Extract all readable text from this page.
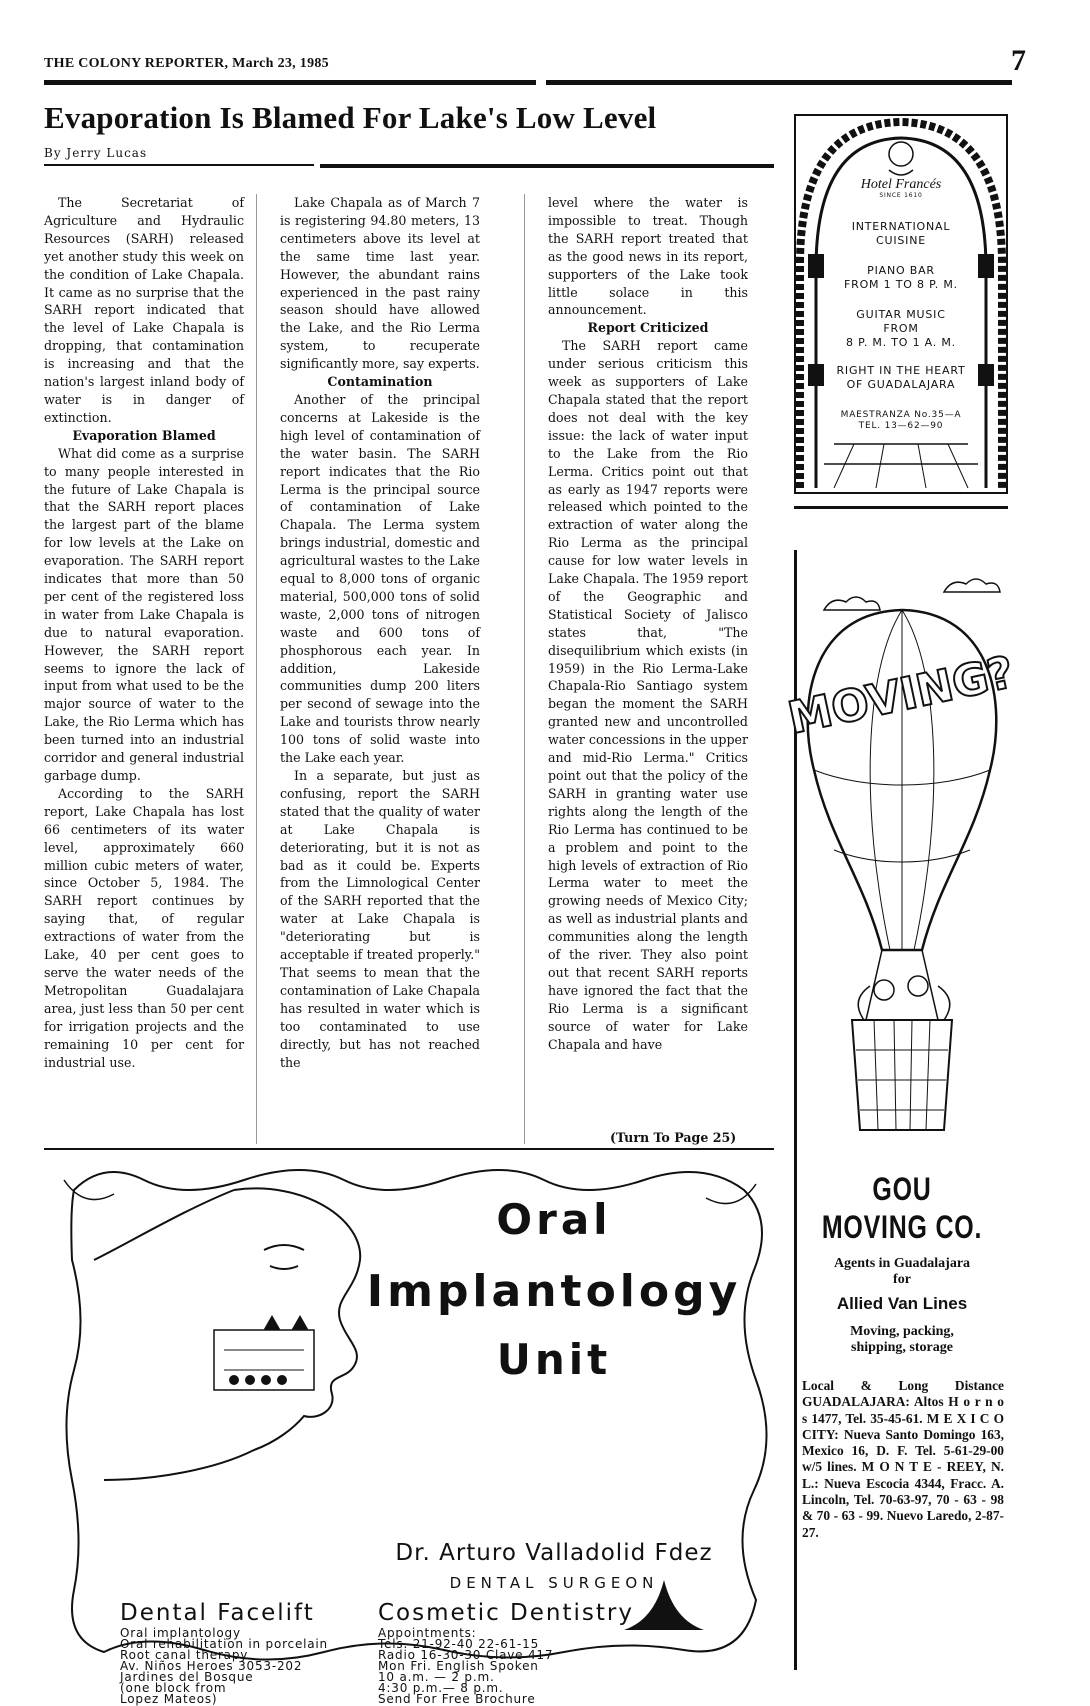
THE COLONY REPORTER, March 23, 1985	7
Evaporation Is Blamed For Lake's Low Level
By Jerry Lucas

The Secretariat of Agriculture and Hydraulic Resources (SARH) released yet another study this week on the condition of Lake Chapala. It came as no surprise that the SARH report indicated that the level of Lake Chapala is dropping, that contamination is increasing and that the nation's largest inland body of water is in danger of extinction.

Evaporation Blamed

What did come as a surprise to many people interested in the future of Lake Chapala is that the SARH report places the largest part of the blame for low levels at the Lake on evaporation. The SARH report indicates that more than 50 per cent of the registered loss in water from Lake Chapala is due to natural evaporation. However, the SARH report seems to ignore the lack of input from what used to be the major source of water to the Lake, the Rio Lerma which has been turned into an industrial corridor and general industrial garbage dump.

According to the SARH report, Lake Chapala has lost 66 centimeters of its water level, approximately 660 million cubic meters of water, since October 5, 1984. The SARH report continues by saying that, of regular extractions of water from the Lake, 40 per cent goes to serve the water needs of the Metropolitan Guadalajara area, just less than 50 per cent for irrigation projects and the remaining 10 per cent for industrial use.

Lake Chapala as of March 7 is registering 94.80 meters, 13 centimeters above its level at the same time last year. However, the abundant rains experienced in the past rainy season should have allowed the Lake, and the Rio Lerma system, to recuperate significantly more, say experts.

Contamination

Another of the principal concerns at Lakeside is the high level of contamination of the water basin. The SARH report indicates that the Rio Lerma is the principal source of contamination of Lake Chapala. The Lerma system brings industrial, domestic and agricultural wastes to the Lake equal to 8,000 tons of organic material, 500,000 tons of solid waste, 2,000 tons of nitrogen waste and 600 tons of phosphorous each year. In addition, Lakeside communities dump 200 liters per second of sewage into the Lake and tourists throw nearly 100 tons of solid waste into the Lake each year.

In a separate, but just as confusing, report the SARH stated that the quality of water at Lake Chapala is deteriorating, but it is not as bad as it could be. Experts from the Limnological Center of the SARH reported that the water at Lake Chapala is "deteriorating but is acceptable if treated properly." That seems to mean that the contamination of Lake Chapala has resulted in water which is too contaminated to use directly, but has not reached the

level where the water is impossible to treat. Though the SARH report treated that as the good news in its report, supporters of the Lake took little solace in this announcement.

Report Criticized

The SARH report came under serious criticism this week as supporters of Lake Chapala stated that the report does not deal with the key issue: the lack of water input to the Lake from the Rio Lerma. Critics point out that as early as 1947 reports were released which pointed to the extraction of water along the Rio Lerma as the principal cause for low water levels in Lake Chapala. The 1959 report of the Geographic and Statistical Society of Jalisco states that, "The disequilibrium which exists (in 1959) in the Rio Lerma-Lake Chapala-Rio Santiago system began the moment the SARH granted new and uncontrolled water concessions in the upper and mid-Rio Lerma." Critics point out that the policy of the SARH in granting water use rights along the length of the Rio Lerma has continued to be a problem and point to the high levels of extraction of Rio Lerma water to meet the growing needs of Mexico City; as well as industrial plants and communities along the length of the river. They also point out that recent SARH reports have ignored the fact that the Rio Lerma is a significant source of water for Lake Chapala and have

(Turn To Page 25)
Hotel Francés
SINCE 1610
INTERNATIONAL
CUISINE
PIANO BAR
FROM 1 TO 8 P. M.
GUITAR MUSIC
FROM
8 P. M. TO 1 A. M.
RIGHT IN THE HEART
OF GUADALAJARA
MAESTRANZA No.35—A
TEL. 13—62—90
MOVING?
GOU
MOVING CO.
Agents in Guadalajara
for
Allied Van Lines
Moving, packing, shipping, storage
Local & Long Distance GUADALAJARA: Altos H o r n o s 1477, Tel. 35-45-61. M E X I C O CITY: Nueva Santo Domingo 163, Mexico 16, D. F. Tel. 5-61-29-00 w/5 lines. M O N T E - REEY, N. L.: Nueva Escocia 4344, Fracc. A. Lincoln, Tel. 70-63-97, 70 - 63 - 98 & 70 - 63 - 99. Nuevo Laredo, 2-87-27.
Oral
Implantology
Unit
Dr. Arturo Valladolid Fdez
DENTAL SURGEON
Dental Facelift
Oral implantology
Oral rehabilitation in porcelain
Root canal therapy
Av. Niños Heroes 3053-202
Jardines del Bosque
(one block from
Lopez Mateos)
Cosmetic Dentistry
Appointments:
Tels. 21-92-40 22-61-15
Radio 16-30-30 Clave 417
Mon Fri. English Spoken
10 a.m. — 2 p.m.
4:30 p.m.— 8 p.m.
Send For Free Brochure
